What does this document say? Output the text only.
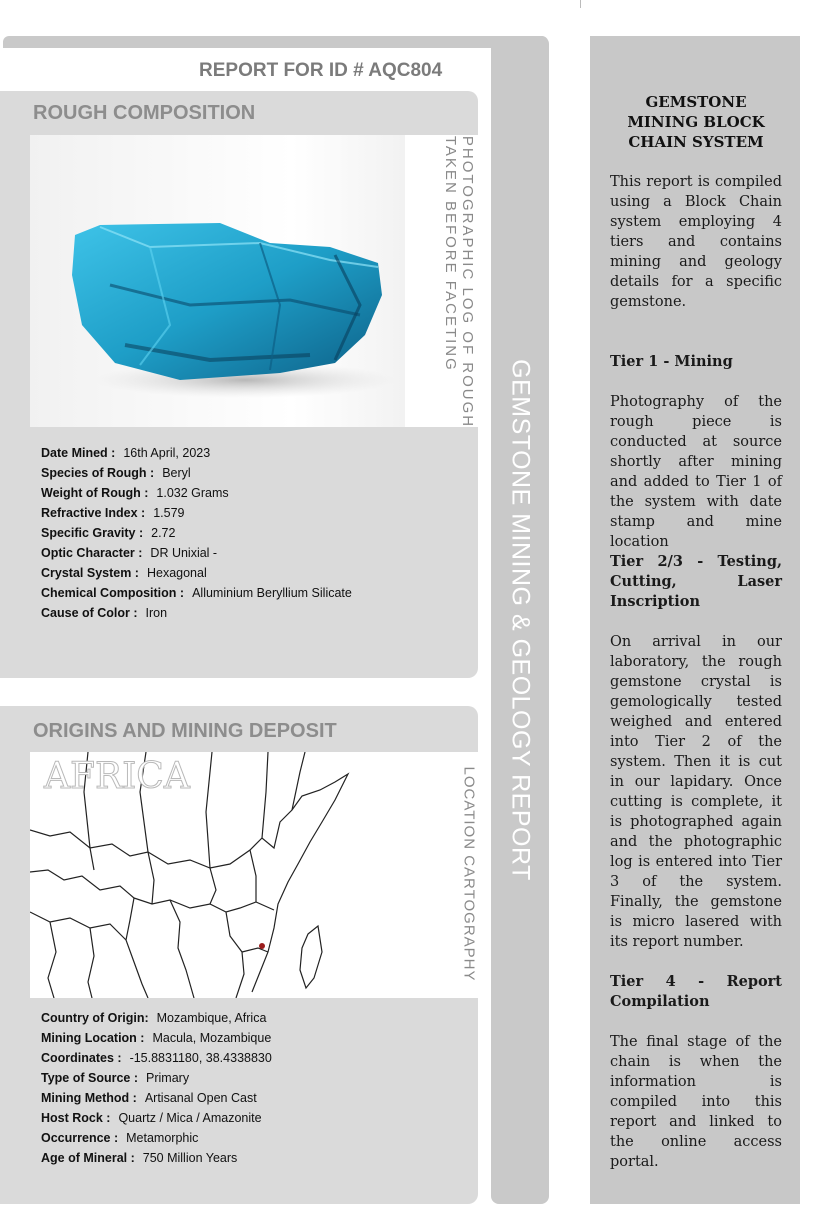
GEMSTONE MINING & GEOLOGY REPORT
REPORT FOR ID # AQC804
ROUGH COMPOSITION
PHOTOGRAPHIC LOG OF ROUGH
TAKEN BEFORE FACETING
Date Mined : 16th April, 2023
Species of Rough : Beryl
Weight of Rough : 1.032 Grams
Refractive Index : 1.579
Specific Gravity : 2.72
Optic Character : DR Unixial -
Crystal System : Hexagonal
Chemical Composition : Alluminium Beryllium Silicate
Cause of Color : Iron
ORIGINS AND MINING DEPOSIT
AFRICA	LOCATION CARTOGRAPHY
Country of Origin: Mozambique, Africa
Mining Location : Macula, Mozambique
Coordinates : -15.8831180, 38.4338830
Type of Source : Primary
Mining Method : Artisanal Open Cast
Host Rock : Quartz / Mica / Amazonite
Occurrence : Metamorphic
Age of Mineral : 750 Million Years
GEMSTONE MINING BLOCK CHAIN SYSTEM
This report is compiled using a Block Chain system employing 4 tiers and contains mining and geology details for a specific gemstone.
Tier 1 - Mining
Photography of the rough piece is conducted at source shortly after mining and added to Tier 1 of the system with date stamp and mine location
Tier 2/3 - Testing, Cutting, Laser Inscription
On arrival in our laboratory, the rough gemstone crystal is gemologically tested weighed and entered into Tier 2 of the system. Then it is cut in our lapidary. Once cutting is complete, it is photographed again and the photographic log is entered into Tier 3 of the system. Finally, the gemstone is micro lasered with its report number.
Tier 4 - Report Compilation
The final stage of the chain is when the information is compiled into this report and linked to the online access portal.
